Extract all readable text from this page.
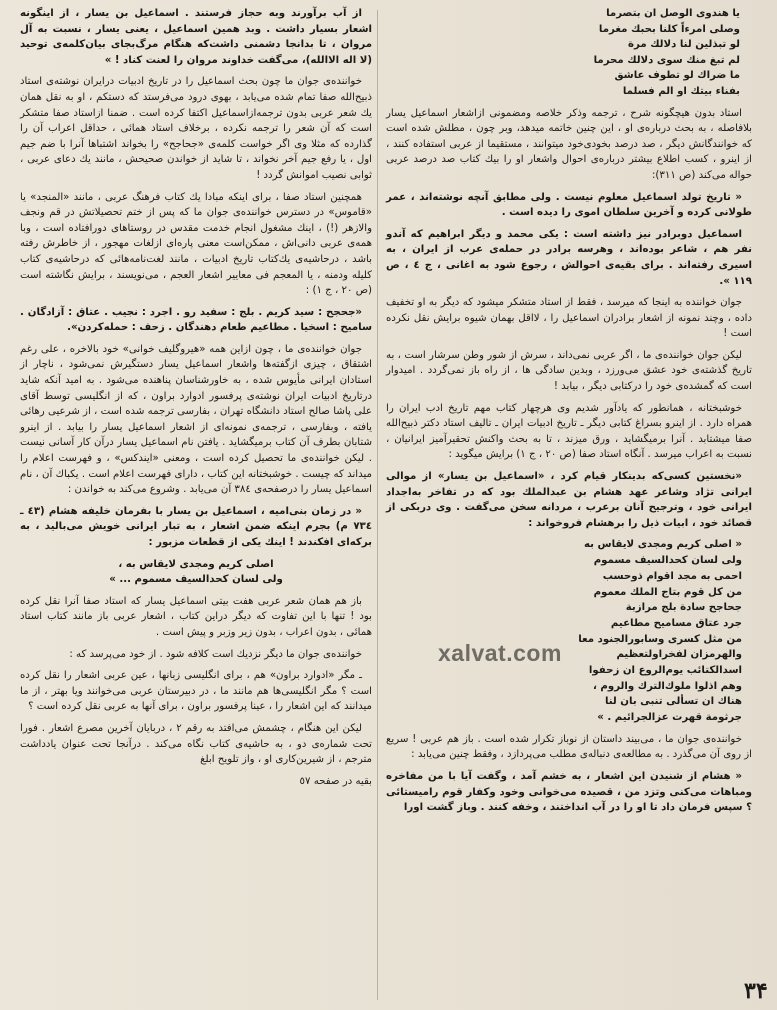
یا هندوی الوصل ان بتصرما
وصلی امرءاً کلنا بحبك مغرما
لو تبذلین لنا دلالك مرة
لم تبغ منك سوی دلالك محرما
ما ضراك لو تطوف عاشق
بفناء بیتك او الم فسلما

استاد بدون هیچگونه شرح ، ترجمه وذکر خلاصه ومضمونی ازاشعار اسماعیل یسار بلافاصله ، به بحث درباره‌ی او ، این چنین خاتمه میدهد، وبر چون ، مطلش شده است که خوانندگانش دیگر ، صد درصد بخودی‌خود میتوانند ، مستقیما از عربی استفاده کنند ، از اینرو ، کسب اطلاع بیشتر درباره‌ی احوال واشعار او را بیك کتاب صد درصد عربی حواله می‌کند (ص ٣١١):

« تاریخ تولد اسماعیل معلوم نیست . ولی مطابق آنچه نوشته‌اند ، عمر طولانی کرده و آخرین سلطان اموی را دیده است .

اسماعیل دوبرادر نیز داشته است : یکی محمد و دیگر ابراهیم که آندو نفر هم ، شاعر بوده‌اند ، وهرسه برادر در حمله‌ی عرب از ایران ، به اسیری رفته‌اند . برای بقیه‌ی احوالش ، رجوع شود به اغانی ، ج ٤ ، ص ١١٩ ».

جوان خواننده به اینجا که میرسد ، فقط از استاد متشکر میشود که دیگر به او تخفیف داده ، وچند نمونه از اشعار برادران اسماعیل را ، لااقل بهمان شیوه برایش نقل نکرده است !

لیکن جوان خواننده‌ی ما ، اگر عربی نمی‌داند ، سرش از شور وطن سرشار است ، به تاریخ گذشته‌ی خود عشق می‌ورزد ، وبدین سادگی ها ، از راه باز نمی‌گردد . امیدوار است که گمشده‌ی خود را درکتابی دیگر ، بیابد !

خوشبختانه ، همانطور که یادآور شدیم وی هرچهار کتاب مهم تاریخ ادب ایران را همراه دارد . از اینرو بسراغ کتابی دیگر ـ تاریخ ادبیات ایران ـ تالیف استاد دکتر ذبیح‌الله صفا میشتابد . آنرا برمیگشاید ، ورق میزند ، تا به بحث واکنش تحقیرآمیز ایرانیان ، نسبت به اعراب میرسد . آنگاه استاد صفا (ص ٢٠ ، ج ١) برایش میگوید :

«نخستین کسی‌که بدینکار قیام کرد ، «اسماعیل بن یسار» از موالی ایرانی تژاد وشاعر عهد هشام بن عبدالملك بود که در تفاخر به‌اجداد ایرانی خود ، وترجیح آنان برعرب ، مردانه سخن می‌گفت . وی دربکی از قصائد خود ، ابیات ذیل را برهشام فروخواند :

« اصلی کریم ومجدی لایقاس به
ولی لسان کحدالسیف مسموم
احمی به مجد اقوام ذوحسب
من کل قوم بتاج الملك معموم
جحاجح سادة بلج مرازبة
جرد عتاق مسامیح مطاعیم
من مثل کسری وسابورالجنود معا
والهرمزان لفخراولتعظیم
اسدالکتائب یوم‌الروع ان زحفوا
وهم اذلوا ملوك‌الترك والروم ،
هناك ان تسألی تنبی بان لنا
جرثومة قهرت عزالجرائیم . »

خواننده‌ی جوان ما ، می‌بیند داستان از نوباز تکرار شده است . باز هم عربی ! سریع از روی آن می‌گذرد . به مطالعه‌ی دنباله‌ی مطلب می‌پردازد ، وفقط چنین می‌یابد :

« هشام از شنیدن این اشعار ، به خشم آمد ، وگفت آیا با من مفاخره ومباهات می‌کنی وتزد من ، قصیده می‌خوانی وخود وکفار قوم رامیستائی ؟ سپس فرمان داد تا او را در آب انداختند ، وخفه کنند . وباز گشت اورا

از آب برآورند وبه حجاز فرستند . اسماعیل بن یسار ، از اینگونه اشعار بسیار داشت . وبد همین اسماعیل ، یعنی یسار ، نسبت به آل مروان ، تا بدانجا دشمنی داشت‌که هنگام مرگ‌بجای بیان‌کلمه‌ی توحید (لا اله الاالله)، می‌گفت خداوند مروان را لعنت کناد ! »

خواننده‌ی جوان ما چون بحث اسماعیل را در تاریخ ادبیات درایران نوشته‌ی استاد ذبیح‌الله صفا تمام شده می‌یابد ، بهوی درود می‌فرستد که دستکم ، او به نقل همان یك شعر عربی بدون ترجمه‌ازاسماعیل اکتفا کرده است . ضمنا ازاستاد صفا متشکر است که آن شعر را ترجمه نکرده ، برخلاف استاد همائی ، حداقل اعراب آن را گذارده که مثلا وی اگر خواست کلمه‌ی «جحاجح» را بخواند اشتباها آنرا با ضم جیم اول ، یا رفع جیم آخر نخواند ، تا شاید از خواندن صحیحش ، مانند یك دعای عربی ، ثوابی نصیب اموانش گردد !

همچنین استاد صفا ، برای اینکه مبادا یك کتاب فرهنگ عربی ، مانند «المنجد» یا «قاموس» در دسترس خواننده‌ی جوان ما که پس از ختم تحصیلاتش در قم ونجف والازهر (!) ، اینك مشغول انجام خدمت مقدس در روستاهای دورافتاده است ، وبا همه‌ی عربی دانی‌اش ، ممکن‌است معنی پاره‌ای ازلغات مهجور ، از خاطرش رفته باشد ، درحاشیه‌ی یك‌کتاب تاریخ ادبیات ، مانند لغت‌نامه‌هائی که درحاشیه‌ی کتاب کلیله ودمنه ، یا المعجم فی معاییر اشعار العجم ، می‌نویسند ، برایش نگاشته است (ص ٢٠ ، ج ١) :

«جحجح : سید کریم . بلج : سفید رو . اجرد : نجیب . عتاق : آزادگان . سامیح : اسخیا . مطاعیم طعام دهندگان . زحف : حمله‌کردن».

جوان خواننده‌ی ما ، چون ازاین همه «هیروگلیف خوانی» خود بالاخره ، علی رغم اشتقاق ، چیزی ازگفته‌ها واشعار اسماعیل یسار دستگیرش نمی‌شود ، ناچار از استادان ایرانی مأیوس شده ، به خاورشناسان پناهنده می‌شود . به امید آنکه شاید درتاریخ ادبیات ایران نوشته‌ی پرفسور ادوارد براون ، که از انگلیسی توسط آقای علی پاشا صالح استاد دانشگاه تهران ، بفارسی ترجمه شده است ، از شرعیی رهائی یافته ، وبفارسی ، ترجمه‌ی نمونه‌ای از اشعار اسماعیل یسار را بیابد . از اینرو شتابان بطرف آن کتاب برمیگشاید . یافتن نام اسماعیل یسار درآن کار آسانی نیست . لیکن خواننده‌ی ما تحصیل کرده است ، ومعنی «ایندکس» ، و فهرست اعلام را میداند که چیست . خوشبختانه این کتاب ، دارای فهرست اعلام است . یکباك آن ، نام اسماعیل یسار را درصفحه‌ی ٣٨٤ آن می‌یابد . وشروع می‌کند به خواندن :

« در زمان بنی‌امیه ، اسماعیل بن یسار با بفرمان خلیفه هشام (٤٣ ـ ٧٣٤ م) بجرم اینکه ضمن اشعار ، به تبار ایرانی خویش می‌بالید ، به برکه‌ای افکندند ! اینك یکی از قطعات مزبور :

اصلی کریم ومجدی لایقاس به ،
ولی لسان کحدالسیف مسموم ... »

باز هم همان شعر عربی هفت بیتی اسماعیل یسار که استاد صفا آنرا نقل کرده بود ! تنها با این تفاوت که دیگر دراین کتاب ، اشعار عربی باز مانند کتاب استاد همائی ، بدون اعراب ، بدون زیر وزبر و پیش است .

خواننده‌ی جوان ما دیگر نزدیك است کلافه شود . از خود می‌پرسد که :

ـ مگر «ادوارد براون» هم ، برای انگلیسی زبانها ، عین عربی اشعار را نقل کرده است ؟ مگر انگلیسی‌ها هم مانند ما ، در دبیرستان عربی می‌خوانند ویا بهتر ، از ما میدانند که این اشعار را ، عینا پرفسور براون ، برای آنها به عربی نقل کرده است ؟

لیکن این هنگام ، چشمش می‌افتد به رقم ٢ ، دربایان آخرین مصرع اشعار . فورا تحت شماره‌ی دو ، به حاشیه‌ی کتاب نگاه می‌کند . درآنجا تحت عنوان یادداشت مترجم ، از شیرین‌کاری او ، واز تلویح ابلغ

بقیه در صفحه ٥٧

xalvat.com
۳۴
